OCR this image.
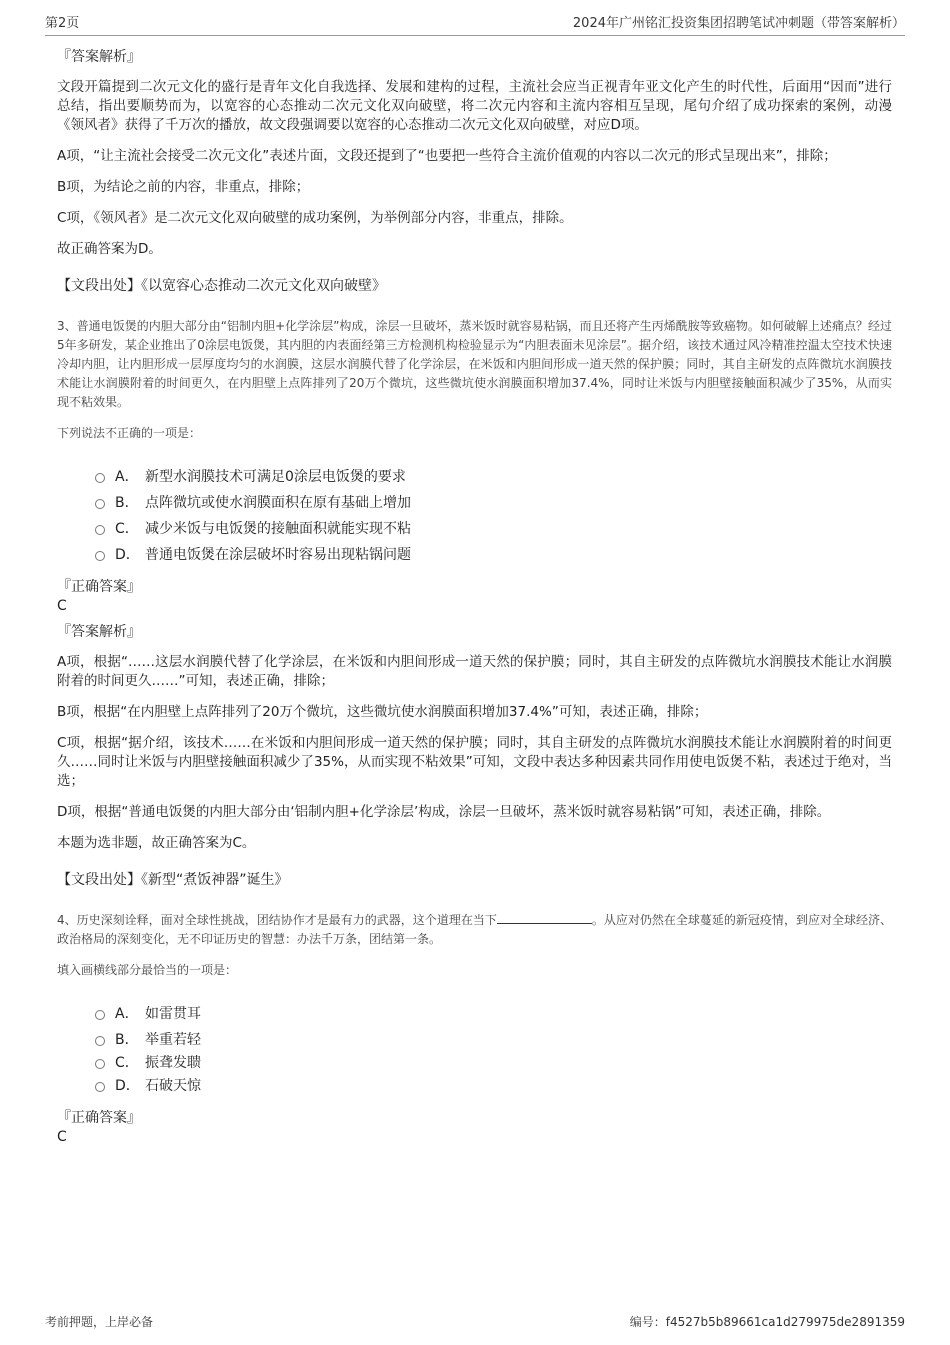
第2页	2024年广州铭汇投资集团招聘笔试冲刺题（带答案解析）

『答案解析』

文段开篇提到二次元文化的盛行是青年文化自我选择、发展和建构的过程，主流社会应当正视青年亚文化产生的时代性，后面用“因而”进行总结，指出要顺势而为，以宽容的心态推动二次元文化双向破壁，将二次元内容和主流内容相互呈现，尾句介绍了成功探索的案例，动漫《领风者》获得了千万次的播放，故文段强调要以宽容的心态推动二次元文化双向破壁，对应D项。

A项，“让主流社会接受二次元文化”表述片面，文段还提到了“也要把一些符合主流价值观的内容以二次元的形式呈现出来”，排除；

B项，为结论之前的内容，非重点，排除；

C项，《领风者》是二次元文化双向破壁的成功案例，为举例部分内容，非重点，排除。

故正确答案为D。

【文段出处】《以宽容心态推动二次元文化双向破壁》

3、普通电饭煲的内胆大部分由“铝制内胆+化学涂层”构成，涂层一旦破坏，蒸米饭时就容易粘锅，而且还将产生丙烯酰胺等致癌物。如何破解上述痛点？经过5年多研发，某企业推出了0涂层电饭煲，其内胆的内表面经第三方检测机构检验显示为“内胆表面未见涂层”。据介绍，该技术通过风冷精准控温太空技术快速冷却内胆，让内胆形成一层厚度均匀的水润膜，这层水润膜代替了化学涂层，在米饭和内胆间形成一道天然的保护膜；同时，其自主研发的点阵微坑水润膜技术能让水润膜附着的时间更久，在内胆壁上点阵排列了20万个微坑，这些微坑使水润膜面积增加37.4%，同时让米饭与内胆壁接触面积减少了35%，从而实现不粘效果。

下列说法不正确的一项是：

A． 新型水润膜技术可满足0涂层电饭煲的要求
B． 点阵微坑或使水润膜面积在原有基础上增加
C． 减少米饭与电饭煲的接触面积就能实现不粘
D． 普通电饭煲在涂层破坏时容易出现粘锅问题

『正确答案』

C

『答案解析』

A项，根据“……这层水润膜代替了化学涂层，在米饭和内胆间形成一道天然的保护膜；同时，其自主研发的点阵微坑水润膜技术能让水润膜附着的时间更久……”可知，表述正确，排除；

B项，根据“在内胆壁上点阵排列了20万个微坑，这些微坑使水润膜面积增加37.4%”可知，表述正确，排除；

C项，根据“据介绍，该技术……在米饭和内胆间形成一道天然的保护膜；同时，其自主研发的点阵微坑水润膜技术能让水润膜附着的时间更久……同时让米饭与内胆壁接触面积减少了35%，从而实现不粘效果”可知，文段中表达多种因素共同作用使电饭煲不粘，表述过于绝对，当选；

D项，根据“普通电饭煲的内胆大部分由‘铝制内胆+化学涂层’构成，涂层一旦破坏，蒸米饭时就容易粘锅”可知，表述正确，排除。

本题为选非题，故正确答案为C。

【文段出处】《新型“煮饭神器”诞生》

4、历史深刻诠释，面对全球性挑战，团结协作才是最有力的武器，这个道理在当下	。从应对仍然在全球蔓延的新冠疫情，到应对全球经济、政治格局的深刻变化，无不印证历史的智慧：办法千万条，团结第一条。

填入画横线部分最恰当的一项是：

A． 如雷贯耳
B． 举重若轻
C． 振聋发聩
D． 石破天惊

『正确答案』

C

考前押题，上岸必备	编号：f4527b5b89661ca1d279975de2891359
